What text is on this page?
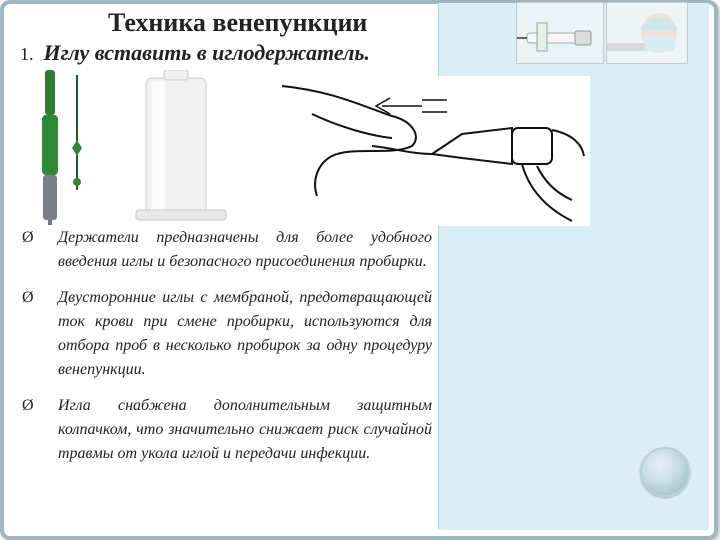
Техника венепункции
1. Иглу вставить в иглодержатель.
Ø	Держатели предназначены для более удобного введения иглы и безопасного присоединения пробирки.
Ø	Двусторонние иглы с мембраной, предотвращающей ток крови при смене пробирки, используются для отбора проб в несколько пробирок за одну процедуру венепункции.
Ø	Игла снабжена дополнительным защитным колпачком, что значительно снижает риск случайной травмы от укола иглой и передачи инфекции.
